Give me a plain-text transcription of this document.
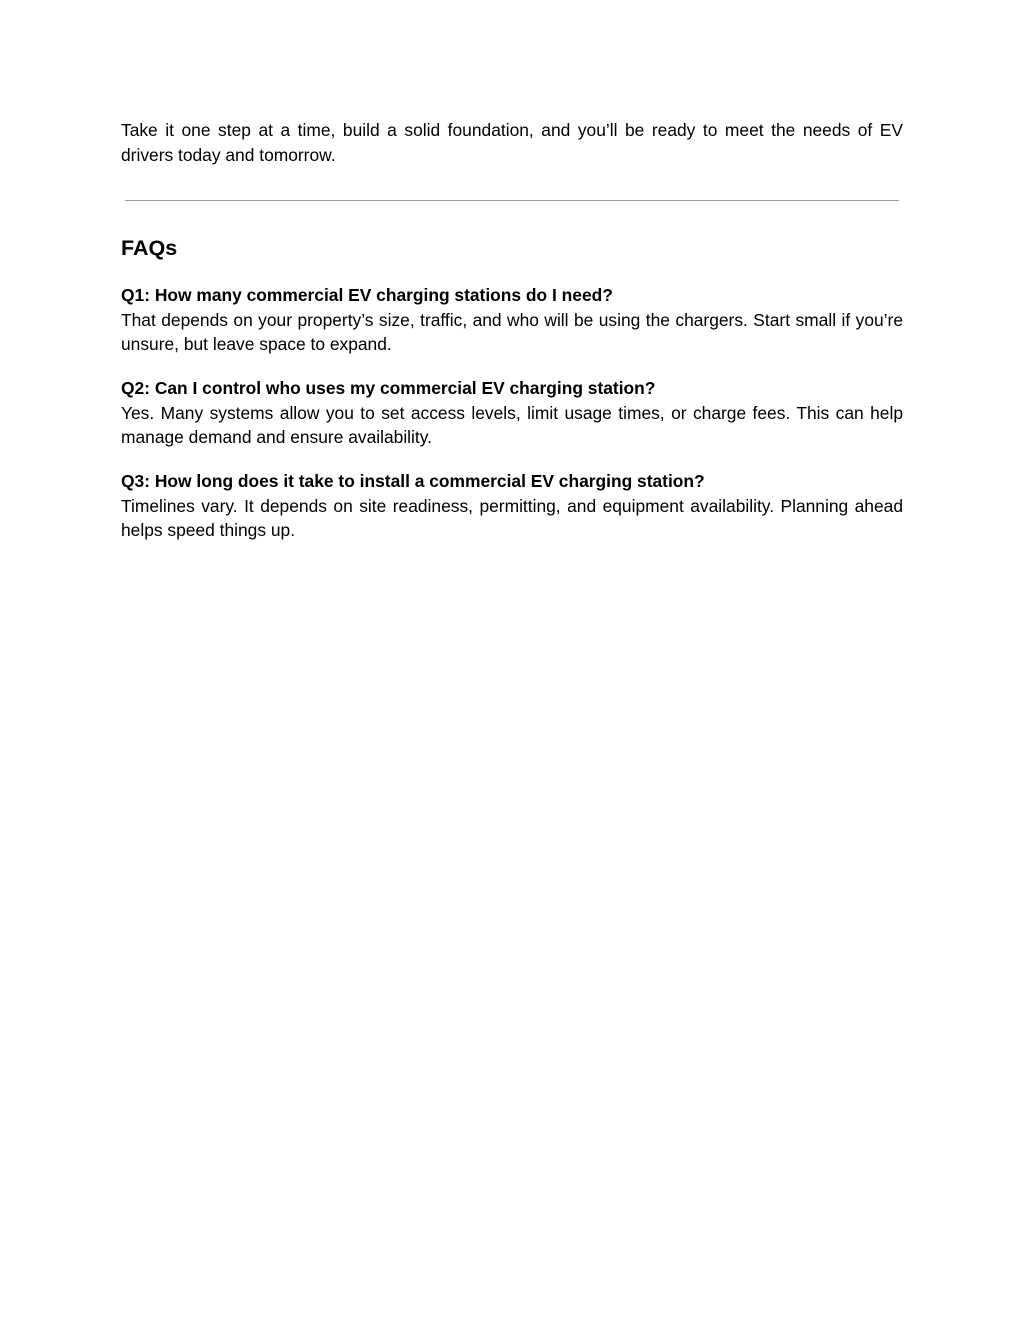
Take it one step at a time, build a solid foundation, and you’ll be ready to meet the needs of EV drivers today and tomorrow.

FAQs

Q1: How many commercial EV charging stations do I need?

That depends on your property’s size, traffic, and who will be using the chargers. Start small if you’re unsure, but leave space to expand.

Q2: Can I control who uses my commercial EV charging station?

Yes. Many systems allow you to set access levels, limit usage times, or charge fees. This can help manage demand and ensure availability.

Q3: How long does it take to install a commercial EV charging station?

Timelines vary. It depends on site readiness, permitting, and equipment availability. Planning ahead helps speed things up.
